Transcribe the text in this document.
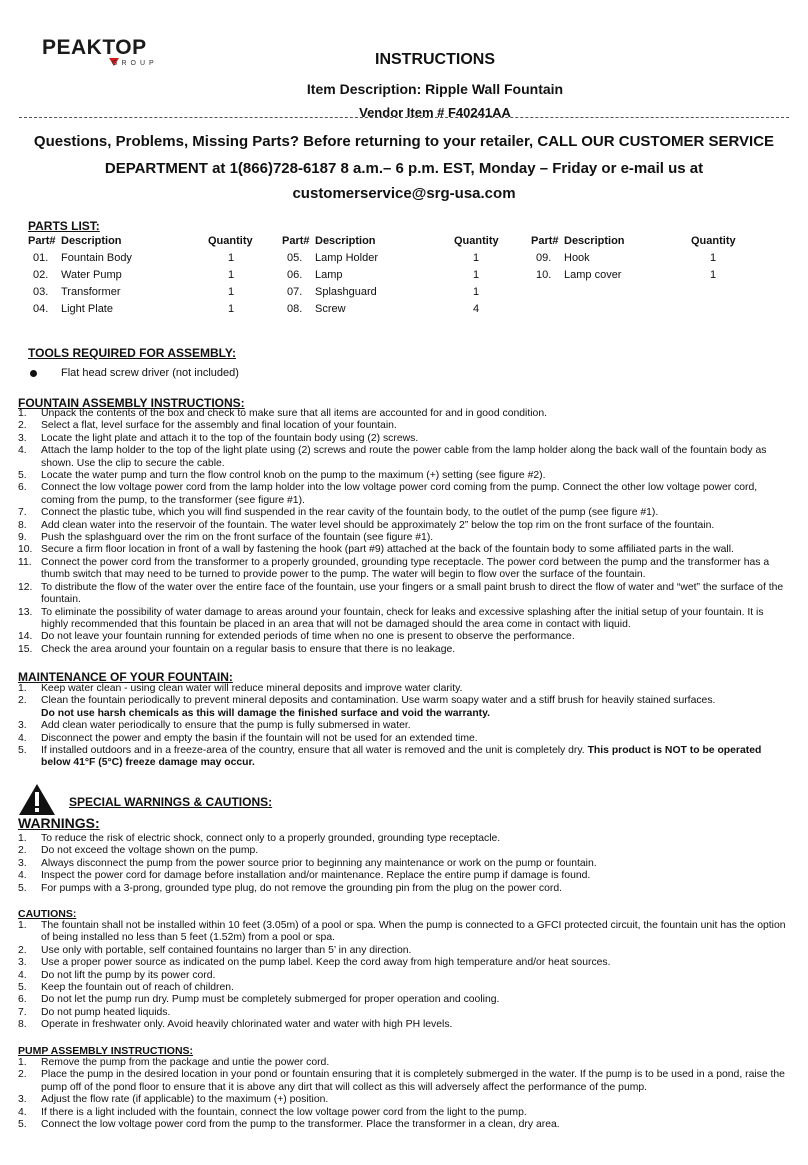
PEAKTOP
GROUP	INSTRUCTIONS
Item Description: Ripple Wall Fountain
Vendor Item # F40241AA
Questions, Problems, Missing Parts? Before returning to your retailer, CALL OUR CUSTOMER SERVICE
DEPARTMENT at 1(866)728-6187 8 a.m.– 6 p.m. EST, Monday – Friday or e-mail us at
customerservice@srg-usa.com
PARTS LIST:
Part# Description	Quantity
01. Fountain Body	1
02. Water Pump	1
03. Transformer	1
04. Light Plate	1
Part# Description	Quantity
05. Lamp Holder	1
06. Lamp	1
07. Splashguard	1
08. Screw	4
Part# Description	Quantity
09. Hook	1
10. Lamp cover	1
TOOLS REQUIRED FOR ASSEMBLY:
Flat head screw driver (not included)
FOUNTAIN ASSEMBLY INSTRUCTIONS:
1. Unpack the contents of the box and check to make sure that all items are accounted for and in good condition.
2. Select a flat, level surface for the assembly and final location of your fountain.
3. Locate the light plate and attach it to the top of the fountain body using (2) screws.
4. Attach the lamp holder to the top of the light plate using (2) screws and route the power cable from the lamp holder along the back wall of the fountain body as shown. Use the clip to secure the cable.
5. Locate the water pump and turn the flow control knob on the pump to the maximum (+) setting (see figure #2).
6. Connect the low voltage power cord from the lamp holder into the low voltage power cord coming from the pump. Connect the other low voltage power cord, coming from the pump, to the transformer (see figure #1).
7. Connect the plastic tube, which you will find suspended in the rear cavity of the fountain body, to the outlet of the pump (see figure #1).
8. Add clean water into the reservoir of the fountain. The water level should be approximately 2” below the top rim on the front surface of the fountain.
9. Push the splashguard over the rim on the front surface of the fountain (see figure #1).
10. Secure a firm floor location in front of a wall by fastening the hook (part #9) attached at the back of the fountain body to some affiliated parts in the wall.
11. Connect the power cord from the transformer to a properly grounded, grounding type receptacle. The power cord between the pump and the transformer has a thumb switch that may need to be turned to provide power to the pump. The water will begin to flow over the surface of the fountain.
12. To distribute the flow of the water over the entire face of the fountain, use your fingers or a small paint brush to direct the flow of water and “wet” the surface of the fountain.
13. To eliminate the possibility of water damage to areas around your fountain, check for leaks and excessive splashing after the initial setup of your fountain. It is highly recommended that this fountain be placed in an area that will not be damaged should the area come in contact with liquid.
14. Do not leave your fountain running for extended periods of time when no one is present to observe the performance.
15. Check the area around your fountain on a regular basis to ensure that there is no leakage.
MAINTENANCE OF YOUR FOUNTAIN:
1. Keep water clean - using clean water will reduce mineral deposits and improve water clarity.
2. Clean the fountain periodically to prevent mineral deposits and contamination. Use warm soapy water and a stiff brush for heavily stained surfaces.
Do not use harsh chemicals as this will damage the finished surface and void the warranty.
3. Add clean water periodically to ensure that the pump is fully submersed in water.
4. Disconnect the power and empty the basin if the fountain will not be used for an extended time.
5. If installed outdoors and in a freeze-area of the country, ensure that all water is removed and the unit is completely dry. This product is NOT to be operated below 41°F (5°C) freeze damage may occur.
SPECIAL WARNINGS & CAUTIONS:
WARNINGS:
1. To reduce the risk of electric shock, connect only to a properly grounded, grounding type receptacle.
2. Do not exceed the voltage shown on the pump.
3. Always disconnect the pump from the power source prior to beginning any maintenance or work on the pump or fountain.
4. Inspect the power cord for damage before installation and/or maintenance. Replace the entire pump if damage is found.
5. For pumps with a 3-prong, grounded type plug, do not remove the grounding pin from the plug on the power cord.
CAUTIONS:
1. The fountain shall not be installed within 10 feet (3.05m) of a pool or spa. When the pump is connected to a GFCI protected circuit, the fountain unit has the option of being installed no less than 5 feet (1.52m) from a pool or spa.
2. Use only with portable, self contained fountains no larger than 5’ in any direction.
3. Use a proper power source as indicated on the pump label. Keep the cord away from high temperature and/or heat sources.
4. Do not lift the pump by its power cord.
5. Keep the fountain out of reach of children.
6. Do not let the pump run dry. Pump must be completely submerged for proper operation and cooling.
7. Do not pump heated liquids.
8. Operate in freshwater only. Avoid heavily chlorinated water and water with high PH levels.
PUMP ASSEMBLY INSTRUCTIONS:
1. Remove the pump from the package and untie the power cord.
2. Place the pump in the desired location in your pond or fountain ensuring that it is completely submerged in the water. If the pump is to be used in a pond, raise the pump off of the pond floor to ensure that it is above any dirt that will collect as this will adversely affect the performance of the pump.
3. Adjust the flow rate (if applicable) to the maximum (+) position.
4. If there is a light included with the fountain, connect the low voltage power cord from the light to the pump.
5. Connect the low voltage power cord from the pump to the transformer. Place the transformer in a clean, dry area.
